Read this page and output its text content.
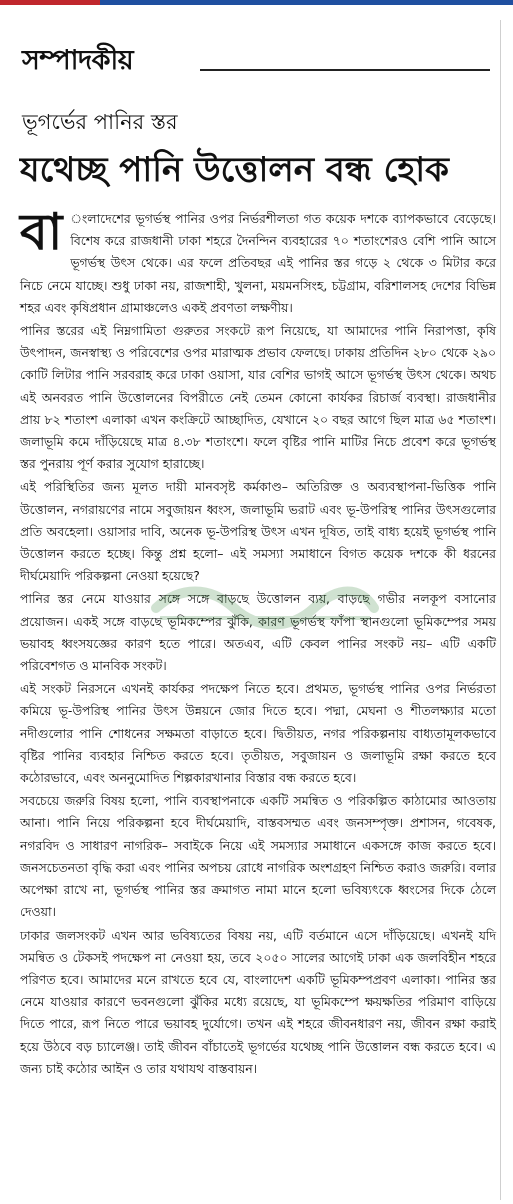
সম্পাদকীয়
ভূগর্ভের পানির স্তর
যথেচ্ছ পানি উত্তোলন বন্ধ হোক

বা ংলাদেশের ভূগর্ভস্থ পানির ওপর নির্ভরশীলতা গত কয়েক দশকে ব্যাপকভাবে বেড়েছে। বিশেষ করে রাজধানী ঢাকা শহরে দৈনন্দিন ব্যবহারের ৭০ শতাংশেরও বেশি পানি আসে ভূগর্ভস্থ উৎস থেকে। এর ফলে প্রতিবছর এই পানির স্তর গড়ে ২ থেকে ৩ মিটার করে নিচে নেমে যাচ্ছে। শুধু ঢাকা নয়, রাজশাহী, খুলনা, ময়মনসিংহ, চট্টগ্রাম, বরিশালসহ দেশের বিভিন্ন শহর এবং কৃষিপ্রধান গ্রামাঞ্চলেও একই প্রবণতা লক্ষণীয়।

পানির স্তরের এই নিম্নগামিতা গুরুতর সংকটে রূপ নিয়েছে, যা আমাদের পানি নিরাপত্তা, কৃষি উৎপাদন, জনস্বাস্থ্য ও পরিবেশের ওপর মারাত্মক প্রভাব ফেলছে। ঢাকায় প্রতিদিন ২৮০ থেকে ২৯০ কোটি লিটার পানি সরবরাহ করে ঢাকা ওয়াসা, যার বেশির ভাগই আসে ভূগর্ভস্থ উৎস থেকে। অথচ এই অনবরত পানি উত্তোলনের বিপরীতে নেই তেমন কোনো কার্যকর রিচার্জ ব্যবস্থা। রাজধানীর প্রায় ৮২ শতাংশ এলাকা এখন কংক্রিটে আচ্ছাদিত, যেখানে ২০ বছর আগে ছিল মাত্র ৬৫ শতাংশ। জলাভূমি কমে দাঁড়িয়েছে মাত্র ৪.৩৮ শতাংশে। ফলে বৃষ্টির পানি মাটির নিচে প্রবেশ করে ভূগর্ভস্থ স্তর পুনরায় পূর্ণ করার সুযোগ হারাচ্ছে।

এই পরিস্থিতির জন্য মূলত দায়ী মানবসৃষ্ট কর্মকাণ্ড– অতিরিক্ত ও অব্যবস্থাপনা-ভিত্তিক পানি উত্তোলন, নগরায়ণের নামে সবুজায়ন ধ্বংস, জলাভূমি ভরাট এবং ভূ-উপরিস্থ পানির উৎসগুলোর প্রতি অবহেলা। ওয়াসার দাবি, অনেক ভূ-উপরিস্থ উৎস এখন দূষিত, তাই বাধ্য হয়েই ভূগর্ভস্থ পানি উত্তোলন করতে হচ্ছে। কিন্তু প্রশ্ন হলো– এই সমস্যা সমাধানে বিগত কয়েক দশকে কী ধরনের দীর্ঘমেয়াদি পরিকল্পনা নেওয়া হয়েছে?

পানির স্তর নেমে যাওয়ার সঙ্গে সঙ্গে বাড়ছে উত্তোলন ব্যয়, বাড়ছে গভীর নলকূপ বসানোর প্রয়োজন। একই সঙ্গে বাড়ছে ভূমিকম্পের ঝুঁকি, কারণ ভূগর্ভস্থ ফাঁপা স্থানগুলো ভূমিকম্পের সময় ভয়াবহ ধ্বংসযজ্ঞের কারণ হতে পারে। অতএব, এটি কেবল পানির সংকট নয়– এটি একটি পরিবেশগত ও মানবিক সংকট।

এই সংকট নিরসনে এখনই কার্যকর পদক্ষেপ নিতে হবে। প্রথমত, ভূগর্ভস্থ পানির ওপর নির্ভরতা কমিয়ে ভূ-উপরিস্থ পানির উৎস উন্নয়নে জোর দিতে হবে। পদ্মা, মেঘনা ও শীতলক্ষ্যার মতো নদীগুলোর পানি শোধনের সক্ষমতা বাড়াতে হবে। দ্বিতীয়ত, নগর পরিকল্পনায় বাধ্যতামূলকভাবে বৃষ্টির পানির ব্যবহার নিশ্চিত করতে হবে। তৃতীয়ত, সবুজায়ন ও জলাভূমি রক্ষা করতে হবে কঠোরভাবে, এবং অননুমোদিত শিল্পকারখানার বিস্তার বন্ধ করতে হবে।

সবচেয়ে জরুরি বিষয় হলো, পানি ব্যবস্থাপনাকে একটি সমন্বিত ও পরিকল্পিত কাঠামোর আওতায় আনা। পানি নিয়ে পরিকল্পনা হবে দীর্ঘমেয়াদি, বাস্তবসম্মত এবং জনসম্পৃক্ত। প্রশাসন, গবেষক, নগরবিদ ও সাধারণ নাগরিক– সবাইকে নিয়ে এই সমস্যার সমাধানে একসঙ্গে কাজ করতে হবে। জনসচেতনতা বৃদ্ধি করা এবং পানির অপচয় রোধে নাগরিক অংশগ্রহণ নিশ্চিত করাও জরুরি। বলার অপেক্ষা রাখে না, ভূগর্ভস্থ পানির স্তর ক্রমাগত নামা মানে হলো ভবিষ্যৎকে ধ্বংসের দিকে ঠেলে দেওয়া।

ঢাকার জলসংকট এখন আর ভবিষ্যতের বিষয় নয়, এটি বর্তমানে এসে দাঁড়িয়েছে। এখনই যদি সমন্বিত ও টেকসই পদক্ষেপ না নেওয়া হয়, তবে ২০৫০ সালের আগেই ঢাকা এক জলবিহীন শহরে পরিণত হবে। আমাদের মনে রাখতে হবে যে, বাংলাদেশ একটি ভূমিকম্পপ্রবণ এলাকা। পানির স্তর নেমে যাওয়ার কারণে ভবনগুলো ঝুঁকির মধ্যে রয়েছে, যা ভূমিকম্পে ক্ষয়ক্ষতির পরিমাণ বাড়িয়ে দিতে পারে, রূপ নিতে পারে ভয়াবহ দুর্যোগে। তখন এই শহরে জীবনধারণ নয়, জীবন রক্ষা করাই হয়ে উঠবে বড় চ্যালেঞ্জ। তাই জীবন বাঁচাতেই ভূগর্ভের যথেচ্ছ পানি উত্তোলন বন্ধ করতে হবে। এ জন্য চাই কঠোর আইন ও তার যথাযথ বাস্তবায়ন।
